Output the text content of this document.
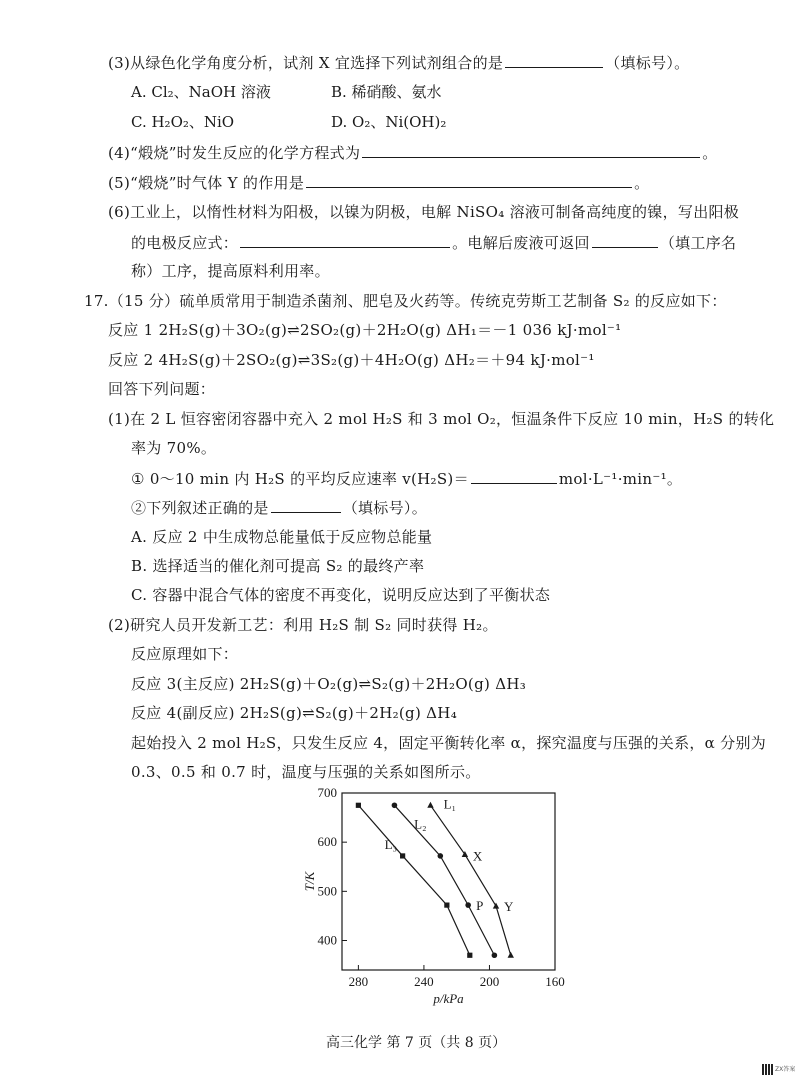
(3)从绿色化学角度分析，试剂 X 宜选择下列试剂组合的是	（填标号）。
A. Cl₂、NaOH 溶液	B. 稀硝酸、氨水
C. H₂O₂、NiO	D. O₂、Ni(OH)₂
(4)“煅烧”时发生反应的化学方程式为	。
(5)“煅烧”时气体 Y 的作用是	。
(6)工业上，以惰性材料为阳极，以镍为阴极，电解 NiSO₄ 溶液可制备高纯度的镍，写出阳极
的电极反应式：	。电解后废液可返回	（填工序名
称）工序，提高原料利用率。
17.（15 分）硫单质常用于制造杀菌剂、肥皂及火药等。传统克劳斯工艺制备 S₂ 的反应如下：
反应 1 2H₂S(g)＋3O₂(g)⇌2SO₂(g)＋2H₂O(g) ΔH₁＝－1 036 kJ·mol⁻¹
反应 2 4H₂S(g)＋2SO₂(g)⇌3S₂(g)＋4H₂O(g) ΔH₂＝＋94 kJ·mol⁻¹
回答下列问题：
(1)在 2 L 恒容密闭容器中充入 2 mol H₂S 和 3 mol O₂，恒温条件下反应 10 min，H₂S 的转化
率为 70%。
① 0～10 min 内 H₂S 的平均反应速率 v(H₂S)＝	mol·L⁻¹·min⁻¹。
②下列叙述正确的是	（填标号）。
A. 反应 2 中生成物总能量低于反应物总能量
B. 选择适当的催化剂可提高 S₂ 的最终产率
C. 容器中混合气体的密度不再变化，说明反应达到了平衡状态
(2)研究人员开发新工艺：利用 H₂S 制 S₂ 同时获得 H₂。
反应原理如下：
反应 3(主反应) 2H₂S(g)＋O₂(g)⇌S₂(g)＋2H₂O(g) ΔH₃
反应 4(副反应) 2H₂S(g)⇌S₂(g)＋2H₂(g) ΔH₄
起始投入 2 mol H₂S，只发生反应 4，固定平衡转化率 α，探究温度与压强的关系，α 分别为
0.3、0.5 和 0.7 时，温度与压强的关系如图所示。
280	240	200	160
700
600
500
400
p/kPa
T/K
L₁
L₂
L₃
X
P Y
高三化学 第 7 页（共 8 页）
ZX答案
